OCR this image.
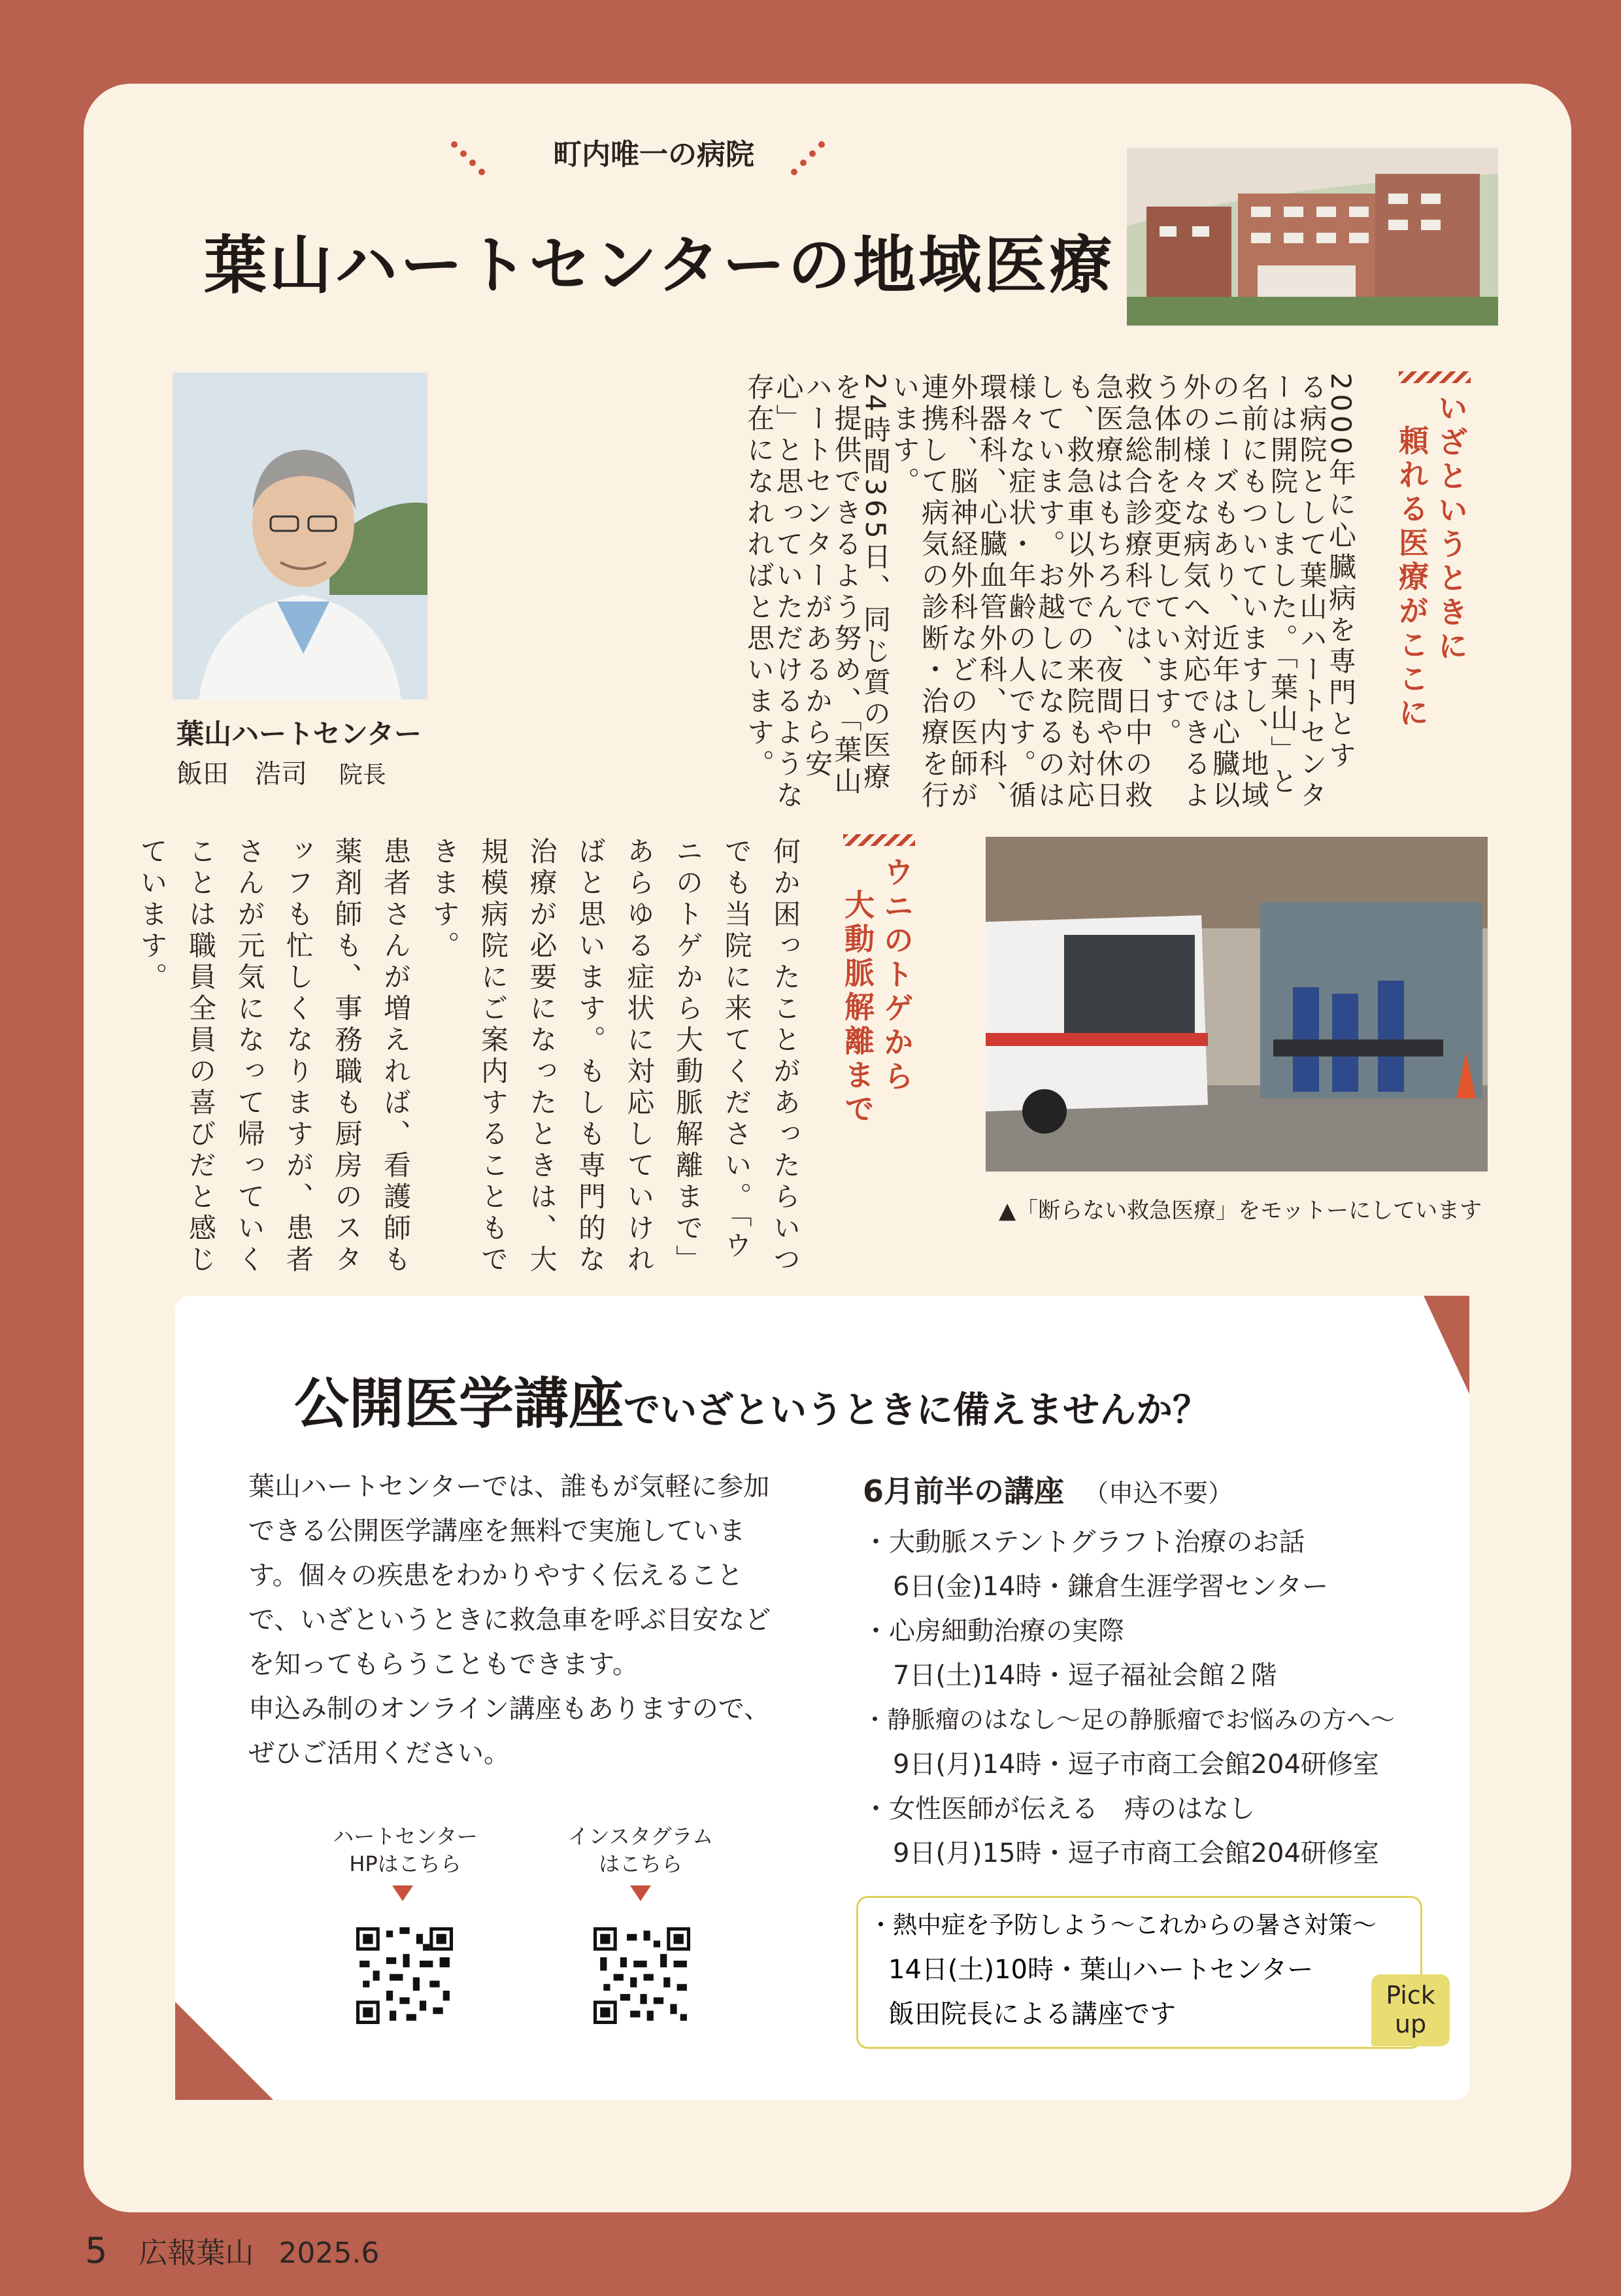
町内唯一の病院
葉山ハートセンターの地域医療
葉山ハートセンター
飯田　浩司 院長
いざというときに
頼れる医療がここに
2000年に心臓病を専門とす
る病院として葉山ハートセンタ
ーは開院しました。「葉山」と
名前にもついていますし、地域
のニーズもあり、近年は心臓以
外の様々な病気へ対応できるよ
う体制を変更しています。
救急総合診療科では、日中の救
急医療はもちろん、夜間や休日
も、救急車以外での来院も対応
しています。お越しになるのは
様々な症状・年齢の人です。循
環器科、心臓血管外科、内科、
外科、脳神経外科などの医師が
連携して病気の診断・治療を行
います。
24時間365日、同じ質の医療
を提供できるよう努め、「葉山
ハートセンターがあるから安
心」と思っていただけるような
存在になれればと思います。
▲「断らない救急医療」をモットーにしています
ウニのトゲから
大動脈解離まで
何か困ったことがあったらいつ
でも当院に来てください。「ウ
ニのトゲから大動脈解離まで」
あらゆる症状に対応していけれ
ばと思います。もしも専門的な
治療が必要になったときは、大
規模病院にご案内することもで
きます。
患者さんが増えれば、看護師も
薬剤師も、事務職も厨房のスタ
ッフも忙しくなりますが、患者
さんが元気になって帰っていく
ことは職員全員の喜びだと感じ
ています。
公開医学講座でいざというときに備えませんか？
葉山ハートセンターでは、誰もが気軽に参加
できる公開医学講座を無料で実施していま
す。個々の疾患をわかりやすく伝えること
で、いざというときに救急車を呼ぶ目安など
を知ってもらうこともできます。
申込み制のオンライン講座もありますので、
ぜひご活用ください。
6月前半の講座 （申込不要）
・大動脈ステントグラフト治療のお話
6日(金)14時・鎌倉生涯学習センター
・心房細動治療の実際
7日(土)14時・逗子福祉会館２階
・静脈瘤のはなし〜足の静脈瘤でお悩みの方へ〜
9日(月)14時・逗子市商工会館204研修室
・女性医師が伝える　痔のはなし
9日(月)15時・逗子市商工会館204研修室
・熱中症を予防しよう〜これからの暑さ対策〜
14日(土)10時・葉山ハートセンター
飯田院長による講座です
Pick
up
ハートセンター
HPはこちら
インスタグラム
はこちら
5 広報葉山 2025.6
